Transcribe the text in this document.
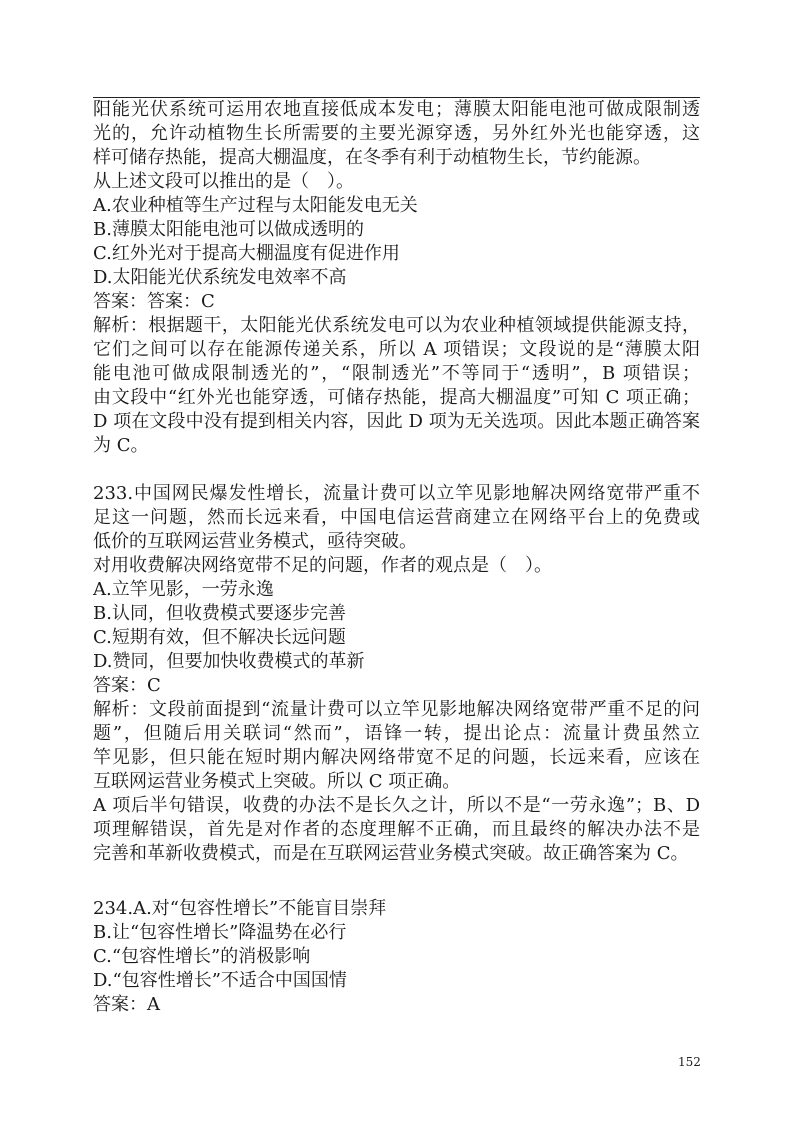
阳能光伏系统可运用农地直接低成本发电；薄膜太阳能电池可做成限制透
光的，允许动植物生长所需要的主要光源穿透，另外红外光也能穿透，这
样可储存热能，提高大棚温度，在冬季有利于动植物生长，节约能源。
从上述文段可以推出的是（　）。
A.农业种植等生产过程与太阳能发电无关
B.薄膜太阳能电池可以做成透明的
C.红外光对于提高大棚温度有促进作用
D.太阳能光伏系统发电效率不高
答案：答案：C
解析：根据题干，太阳能光伏系统发电可以为农业种植领域提供能源支持，
它们之间可以存在能源传递关系，所以 A 项错误；文段说的是“薄膜太阳
能电池可做成限制透光的”，“限制透光”不等同于“透明”，B 项错误；
由文段中“红外光也能穿透，可储存热能，提高大棚温度”可知 C 项正确；
D 项在文段中没有提到相关内容，因此 D 项为无关选项。因此本题正确答案
为 C。
233.中国网民爆发性增长，流量计费可以立竿见影地解决网络宽带严重不
足这一问题，然而长远来看，中国电信运营商建立在网络平台上的免费或
低价的互联网运营业务模式，亟待突破。
对用收费解决网络宽带不足的问题，作者的观点是（　）。
A.立竿见影，一劳永逸
B.认同，但收费模式要逐步完善
C.短期有效，但不解决长远问题
D.赞同，但要加快收费模式的革新
答案：C
解析：文段前面提到“流量计费可以立竿见影地解决网络宽带严重不足的问
题”，但随后用关联词“然而”，语锋一转，提出论点：流量计费虽然立
竿见影，但只能在短时期内解决网络带宽不足的问题，长远来看，应该在
互联网运营业务模式上突破。所以 C 项正确。
A 项后半句错误，收费的办法不是长久之计，所以不是“一劳永逸”；B、D
项理解错误，首先是对作者的态度理解不正确，而且最终的解决办法不是
完善和革新收费模式，而是在互联网运营业务模式突破。故正确答案为 C。
234.A.对“包容性增长”不能盲目崇拜
B.让“包容性增长”降温势在必行
C.“包容性增长”的消极影响
D.“包容性增长”不适合中国国情
答案：A
152
